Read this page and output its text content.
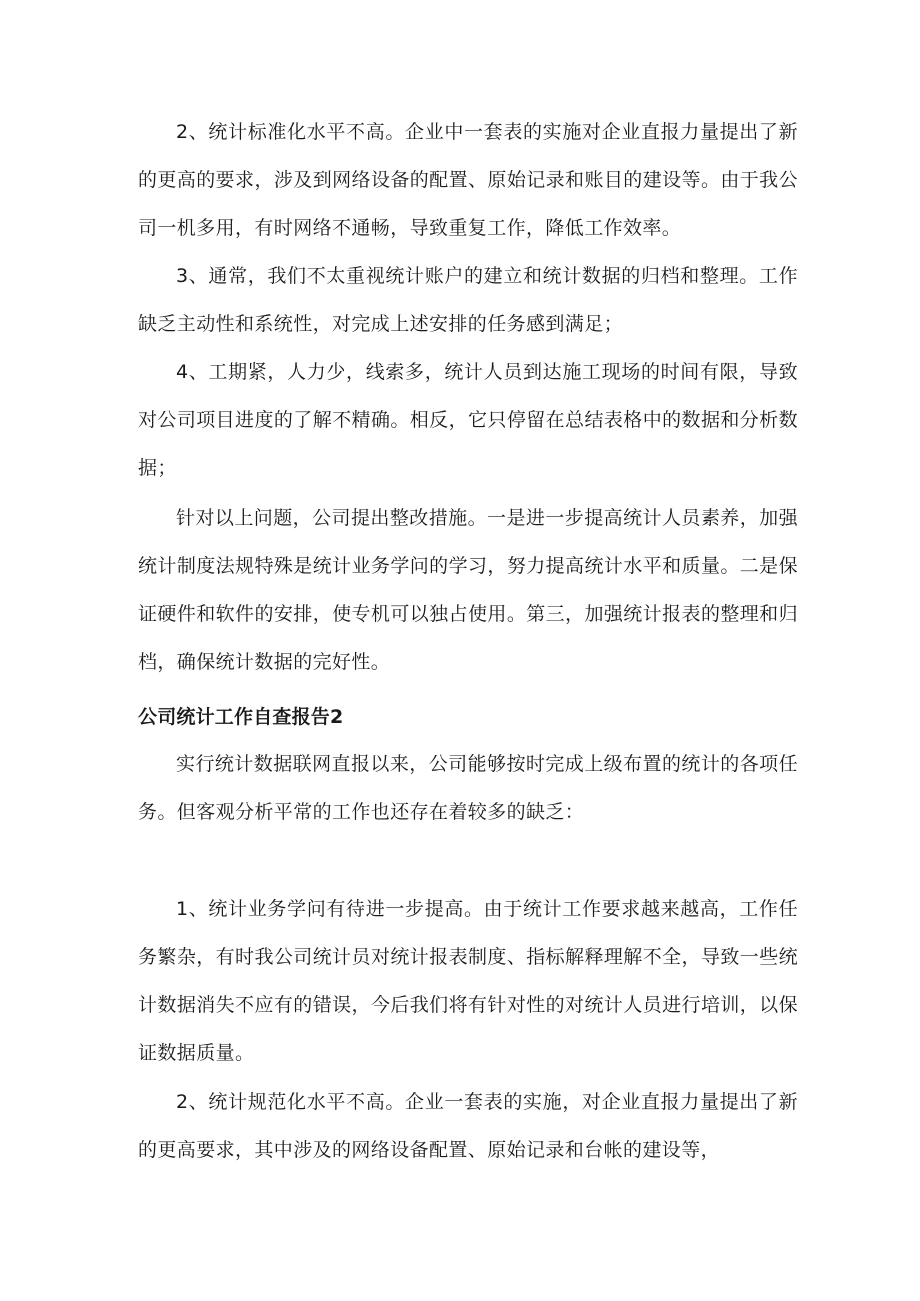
2、统计标准化水平不高。企业中一套表的实施对企业直报力量提出了新的更高的要求，涉及到网络设备的配置、原始记录和账目的建设等。由于我公司一机多用，有时网络不通畅，导致重复工作，降低工作效率。

3、通常，我们不太重视统计账户的建立和统计数据的归档和整理。工作缺乏主动性和系统性，对完成上述安排的任务感到满足；

4、工期紧，人力少，线索多，统计人员到达施工现场的时间有限，导致对公司项目进度的了解不精确。相反，它只停留在总结表格中的数据和分析数据；

针对以上问题，公司提出整改措施。一是进一步提高统计人员素养，加强统计制度法规特殊是统计业务学问的学习，努力提高统计水平和质量。二是保证硬件和软件的安排，使专机可以独占使用。第三，加强统计报表的整理和归档，确保统计数据的完好性。

公司统计工作自查报告2

实行统计数据联网直报以来，公司能够按时完成上级布置的统计的各项任务。但客观分析平常的工作也还存在着较多的缺乏：

1、统计业务学问有待进一步提高。由于统计工作要求越来越高，工作任务繁杂，有时我公司统计员对统计报表制度、指标解释理解不全，导致一些统计数据消失不应有的错误，今后我们将有针对性的对统计人员进行培训，以保证数据质量。

2、统计规范化水平不高。企业一套表的实施，对企业直报力量提出了新的更高要求，其中涉及的网络设备配置、原始记录和台帐的建设等，
